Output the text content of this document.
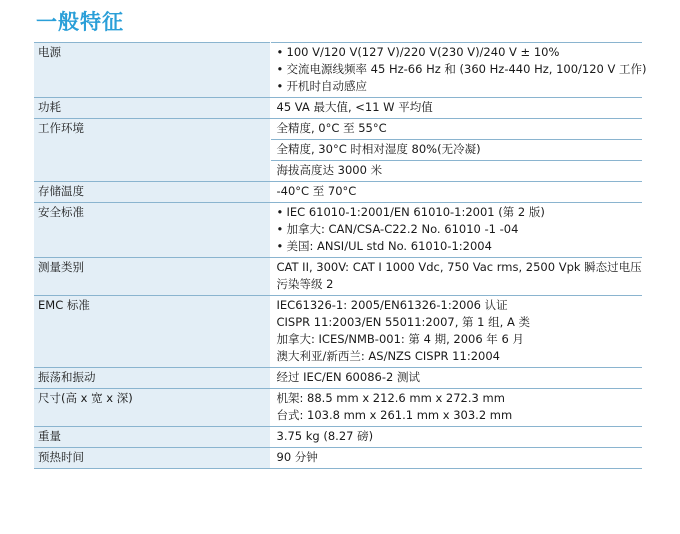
一般特征
电源	• 100 V/120 V(127 V)/220 V(230 V)/240 V ± 10%
• 交流电源线频率 45 Hz-66 Hz 和 (360 Hz-440 Hz, 100/120 V 工作)
• 开机时自动感应

功耗	45 VA 最大值, <11 W 平均值
工作环境	全精度, 0°C 至 55°C
	全精度, 30°C 时相对湿度 80%(无冷凝)
	海拔高度达 3000 米
存储温度	-40°C 至 70°C
安全标准	• IEC 61010-1:2001/EN 61010-1:2001 (第 2 版)
• 加拿大: CAN/CSA-C22.2 No. 61010 -1 -04
• 美国: ANSI/UL std No. 61010-1:2004

测量类别	CAT II, 300V: CAT I 1000 Vdc, 750 Vac rms, 2500 Vpk 瞬态过电压
污染等级 2

EMC 标准	IEC61326-1: 2005/EN61326-1:2006 认证
CISPR 11:2003/EN 55011:2007, 第 1 组, A 类
加拿大: ICES/NMB-001: 第 4 期, 2006 年 6 月
澳大利亚/新西兰: AS/NZS CISPR 11:2004

振荡和振动	经过 IEC/EN 60086-2 测试
尺寸(高 x 宽 x 深)	机架: 88.5 mm x 212.6 mm x 272.3 mm
台式: 103.8 mm x 261.1 mm x 303.2 mm

重量	3.75 kg (8.27 磅)
预热时间	90 分钟
